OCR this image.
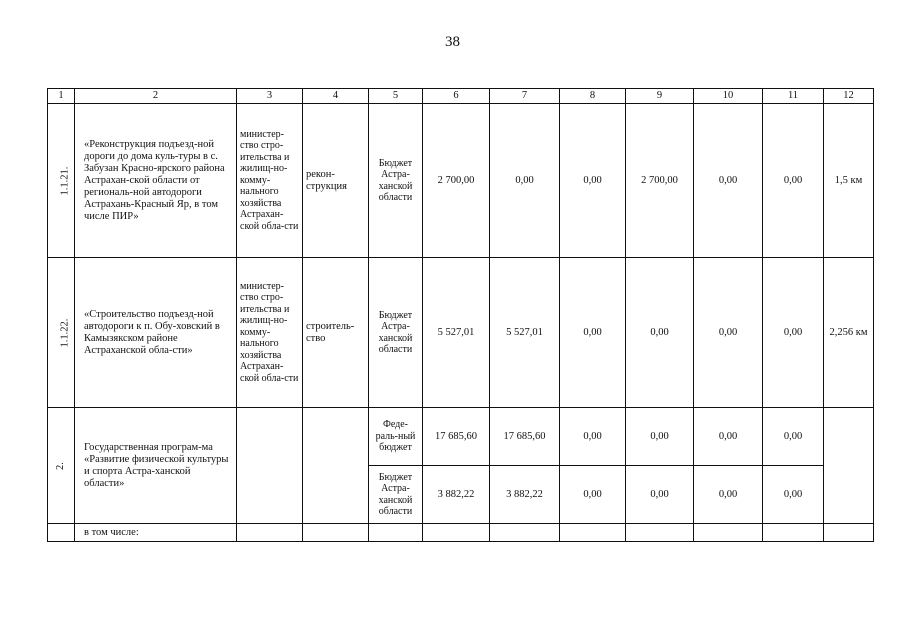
38
1	2	3	4	5	6	7	8	9	10	11	12
1.1.21.	«Реконструкция подъезд-ной дороги до дома куль-туры в с. Забузан Красно-ярского района Астрахан-ской области от региональ-ной автодороги Астрахань-Красный Яр, в том числе ПИР»	министер-ство стро-ительства и жилищ-но-комму-нального хозяйства Астрахан-ской обла-сти	рекон-струкция	Бюджет Астра-ханской области	2 700,00	0,00	0,00	2 700,00	0,00	0,00	1,5 км
1.1.22.	«Строительство подъезд-ной автодороги к п. Обу-ховский в Камызякском районе Астраханской обла-сти»	министер-ство стро-ительства и жилищ-но-комму-нального хозяйства Астрахан-ской обла-сти	строитель-ство	Бюджет Астра-ханской области	5 527,01	5 527,01	0,00	0,00	0,00	0,00	2,256 км
2.	Государственная програм-ма «Развитие физической культуры и спорта Астра-ханской области»			Феде-раль-ный бюджет	17 685,60	17 685,60	0,00	0,00	0,00	0,00	
				Бюджет Астра-ханской области	3 882,22	3 882,22	0,00	0,00	0,00	0,00	

	в том числе:										
